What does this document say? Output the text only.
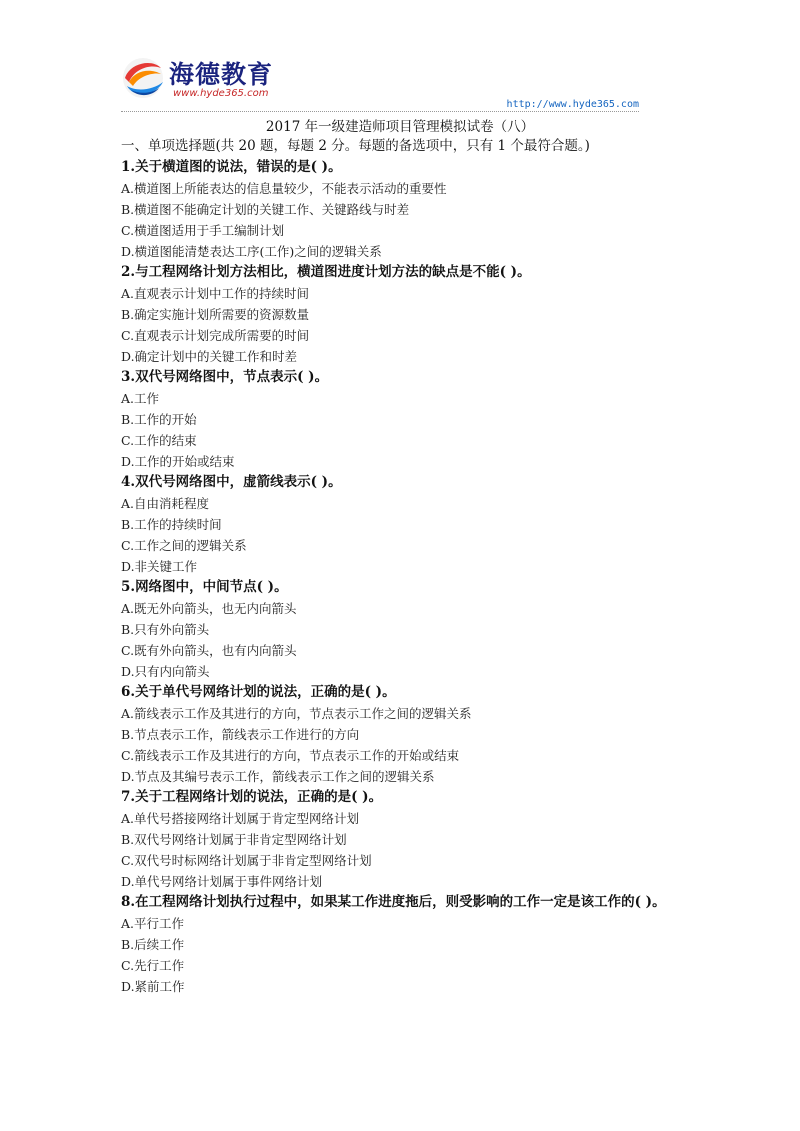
海德教育
www.hyde365.com
http://www.hyde365.com
2017 年一级建造师项目管理模拟试卷（八）
一、单项选择题(共 20 题，每题 2 分。每题的备选项中，只有 1 个最符合题。)
1.关于横道图的说法，错误的是( )。
A.横道图上所能表达的信息量较少，不能表示活动的重要性
B.横道图不能确定计划的关键工作、关键路线与时差
C.横道图适用于手工编制计划
D.横道图能清楚表达工序(工作)之间的逻辑关系
2.与工程网络计划方法相比，横道图进度计划方法的缺点是不能( )。
A.直观表示计划中工作的持续时间
B.确定实施计划所需要的资源数量
C.直观表示计划完成所需要的时间
D.确定计划中的关键工作和时差
3.双代号网络图中，节点表示( )。
A.工作
B.工作的开始
C.工作的结束
D.工作的开始或结束
4.双代号网络图中，虚箭线表示( )。
A.自由消耗程度
B.工作的持续时间
C.工作之间的逻辑关系
D.非关键工作
5.网络图中，中间节点( )。
A.既无外向箭头，也无内向箭头
B.只有外向箭头
C.既有外向箭头，也有内向箭头
D.只有内向箭头
6.关于单代号网络计划的说法，正确的是( )。
A.箭线表示工作及其进行的方向，节点表示工作之间的逻辑关系
B.节点表示工作，箭线表示工作进行的方向
C.箭线表示工作及其进行的方向，节点表示工作的开始或结束
D.节点及其编号表示工作，箭线表示工作之间的逻辑关系
7.关于工程网络计划的说法，正确的是( )。
A.单代号搭接网络计划属于肯定型网络计划
B.双代号网络计划属于非肯定型网络计划
C.双代号时标网络计划属于非肯定型网络计划
D.单代号网络计划属于事件网络计划
8.在工程网络计划执行过程中，如果某工作进度拖后，则受影响的工作一定是该工作的( )。
A.平行工作
B.后续工作
C.先行工作
D.紧前工作
